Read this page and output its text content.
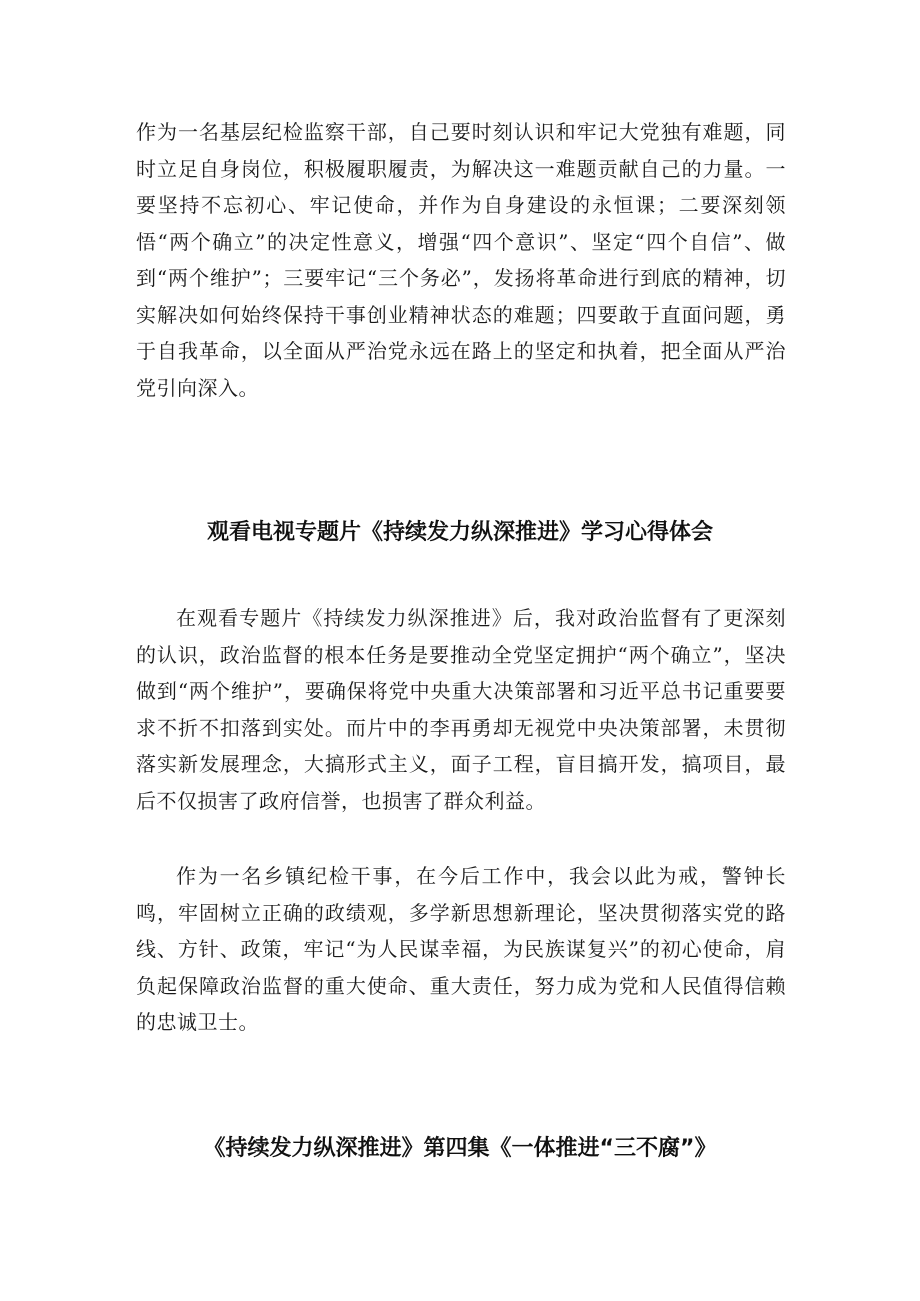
作为一名基层纪检监察干部，自己要时刻认识和牢记大党独有难题，同时立足自身岗位，积极履职履责，为解决这一难题贡献自己的力量。一要坚持不忘初心、牢记使命，并作为自身建设的永恒课；二要深刻领悟“两个确立”的决定性意义，增强“四个意识”、坚定“四个自信”、做到“两个维护”；三要牢记“三个务必”，发扬将革命进行到底的精神，切实解决如何始终保持干事创业精神状态的难题；四要敢于直面问题，勇于自我革命，以全面从严治党永远在路上的坚定和执着，把全面从严治党引向深入。

观看电视专题片《持续发力纵深推进》学习心得体会

在观看专题片《持续发力纵深推进》后，我对政治监督有了更深刻的认识，政治监督的根本任务是要推动全党坚定拥护“两个确立”，坚决做到“两个维护”，要确保将党中央重大决策部署和习近平总书记重要要求不折不扣落到实处。而片中的李再勇却无视党中央决策部署，未贯彻落实新发展理念，大搞形式主义，面子工程，盲目搞开发，搞项目，最后不仅损害了政府信誉，也损害了群众利益。

作为一名乡镇纪检干事，在今后工作中，我会以此为戒，警钟长鸣，牢固树立正确的政绩观，多学新思想新理论，坚决贯彻落实党的路线、方针、政策，牢记“为人民谋幸福，为民族谋复兴”的初心使命，肩负起保障政治监督的重大使命、重大责任，努力成为党和人民值得信赖的忠诚卫士。

《持续发力纵深推进》第四集《一体推进“三不腐”》
